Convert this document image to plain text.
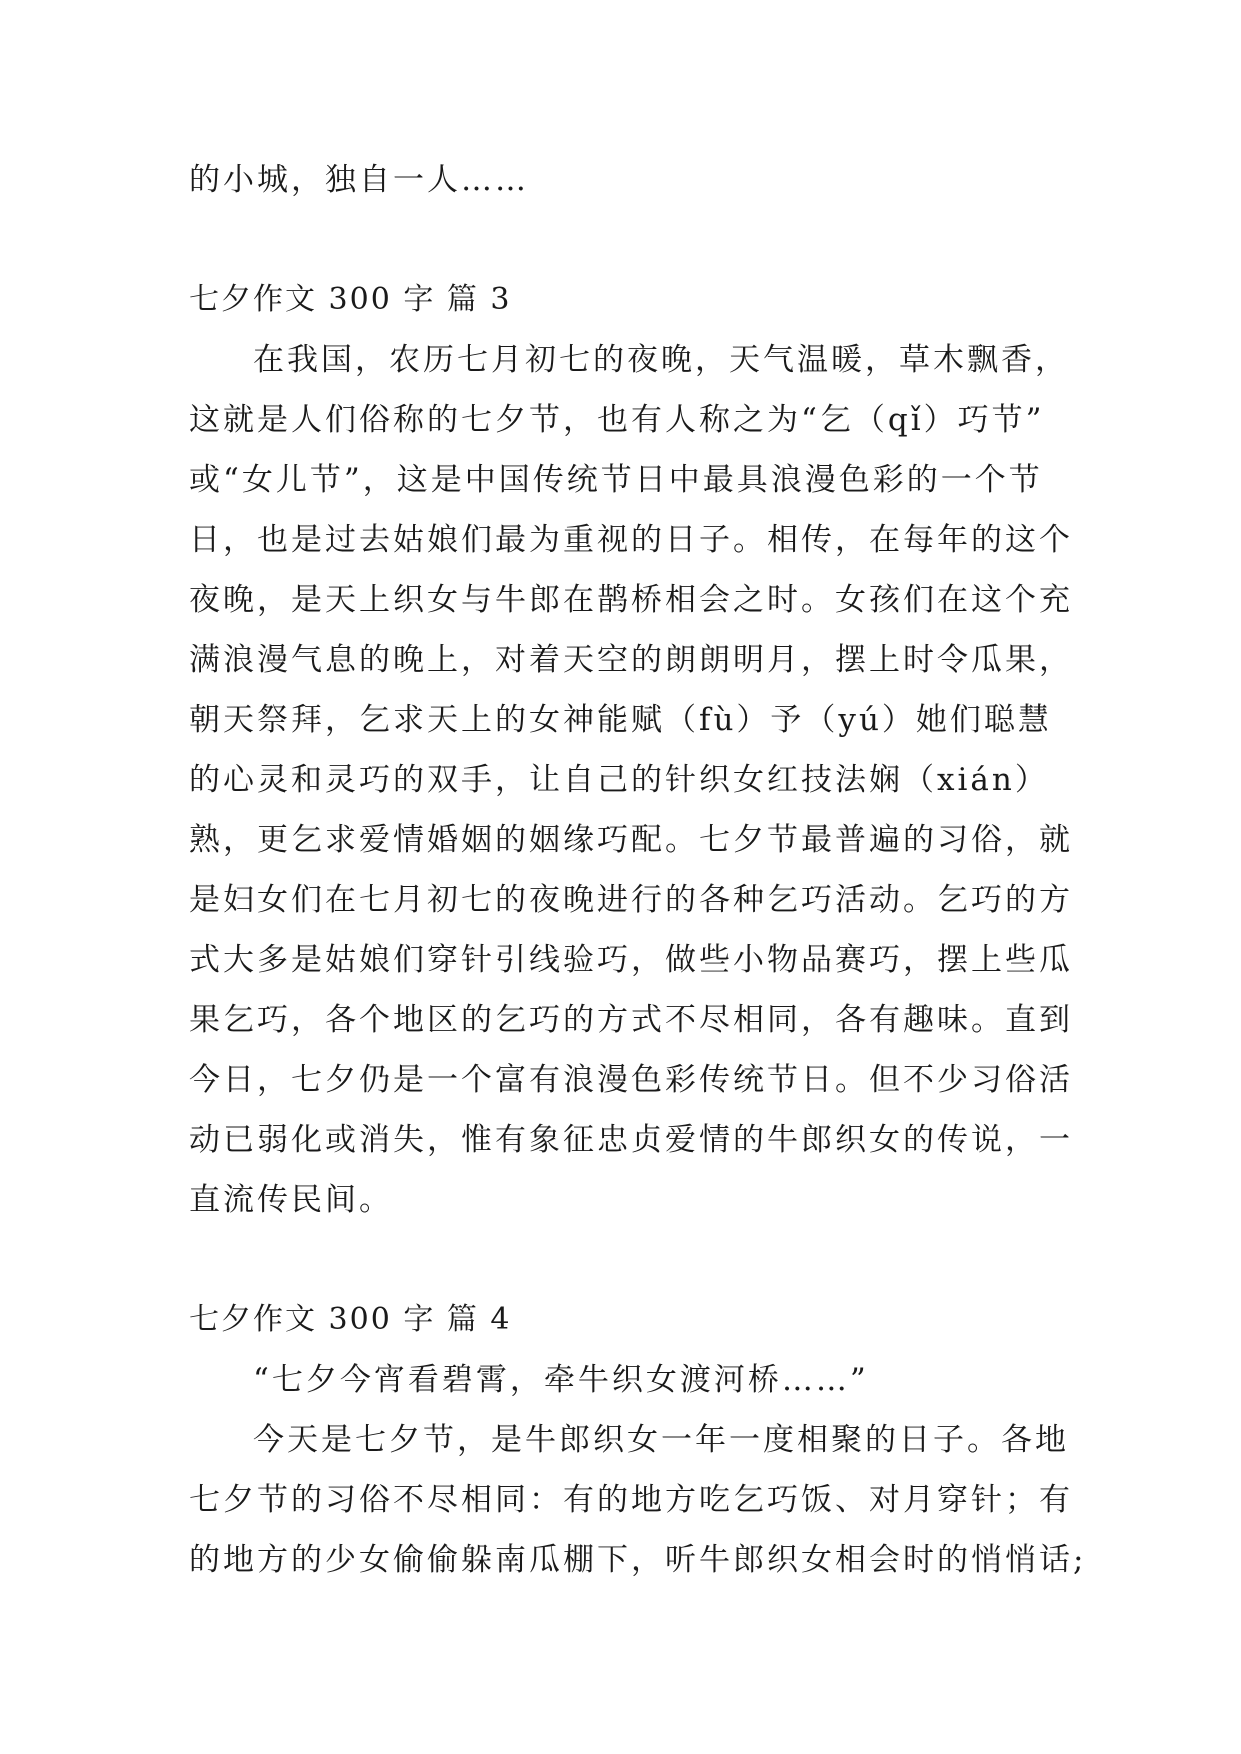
的小城，独自一人……
七夕作文 300 字 篇 3
在我国，农历七月初七的夜晚，天气温暖，草木飘香，
这就是人们俗称的七夕节，也有人称之为“乞（qǐ）巧节”
或“女儿节”，这是中国传统节日中最具浪漫色彩的一个节
日，也是过去姑娘们最为重视的日子。相传，在每年的这个
夜晚，是天上织女与牛郎在鹊桥相会之时。女孩们在这个充
满浪漫气息的晚上，对着天空的朗朗明月，摆上时令瓜果，
朝天祭拜，乞求天上的女神能赋（fù）予（yú）她们聪慧
的心灵和灵巧的双手，让自己的针织女红技法娴（xián）
熟，更乞求爱情婚姻的姻缘巧配。七夕节最普遍的习俗，就
是妇女们在七月初七的夜晚进行的各种乞巧活动。乞巧的方
式大多是姑娘们穿针引线验巧，做些小物品赛巧，摆上些瓜
果乞巧，各个地区的乞巧的方式不尽相同，各有趣味。直到
今日，七夕仍是一个富有浪漫色彩传统节日。但不少习俗活
动已弱化或消失，惟有象征忠贞爱情的牛郎织女的传说，一
直流传民间。
七夕作文 300 字 篇 4
“七夕今宵看碧霄，牵牛织女渡河桥……”
今天是七夕节，是牛郎织女一年一度相聚的日子。各地
七夕节的习俗不尽相同：有的地方吃乞巧饭、对月穿针；有
的地方的少女偷偷躲南瓜棚下，听牛郎织女相会时的悄悄话;
